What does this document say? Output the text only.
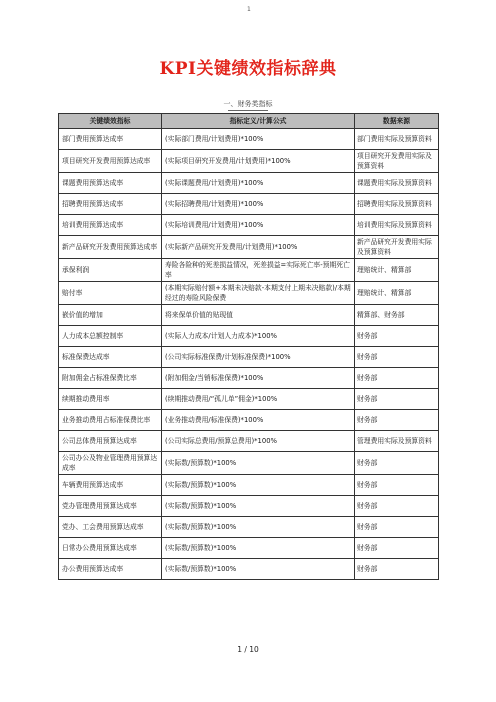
1
KPI关键绩效指标辞典
一、财务类指标
关键绩效指标	指标定义/计算公式	数据来源
部门费用预算达成率	(实际部门费用/计划费用)*100%	部门费用实际及预算资料
项目研究开发费用预算达成率	(实际项目研究开发费用/计划费用)*100%	项目研究开发费用实际及预算资料
课题费用预算达成率	(实际课题费用/计划费用)*100%	课题费用实际及预算资料
招聘费用预算达成率	(实际招聘费用/计划费用)*100%	招聘费用实际及预算资料
培训费用预算达成率	(实际培训费用/计划费用)*100%	培训费用实际及预算资料
新产品研究开发费用预算达成率	(实际新产品研究开发费用/计划费用)*100%	新产品研究开发费用实际及预算资料
承保利润	寿险各险种的死差损益情况，死差损益=实际死亡率-预期死亡率	理赔统计、精算部
赔付率	(本期实际赔付额+本期未决赔款-本期支付上期未决赔款)/本期经过的寿险风险保费	理赔统计、精算部
嵌价值的增加	将来保单价值的贴现值	精算部、财务部
人力成本总额控制率	(实际人力成本/计划人力成本)*100%	财务部
标准保费达成率	(公司实际标准保费/计划标准保费)*100%	财务部
附加佣金占标准保费比率	(附加佣金/当销标准保费)*100%	财务部
续期推动费用率	(续期推动费用/“孤儿单”佣金)*100%	财务部
业务推动费用占标准保费比率	(业务推动费用/标准保费)*100%	财务部
公司总体费用预算达成率	(公司实际总费用/预算总费用)*100%	管理费用实际及预算资料
公司办公及物业管理费用预算达成率	(实际数/预算数)*100%	财务部
车辆费用预算达成率	(实际数/预算数)*100%	财务部
党办管理费用预算达成率	(实际数/预算数)*100%	财务部
党办、工会费用预算达成率	(实际数/预算数)*100%	财务部
日常办公费用预算达成率	(实际数/预算数)*100%	财务部
办公费用预算达成率	(实际数/预算数)*100%	财务部
1 / 10
